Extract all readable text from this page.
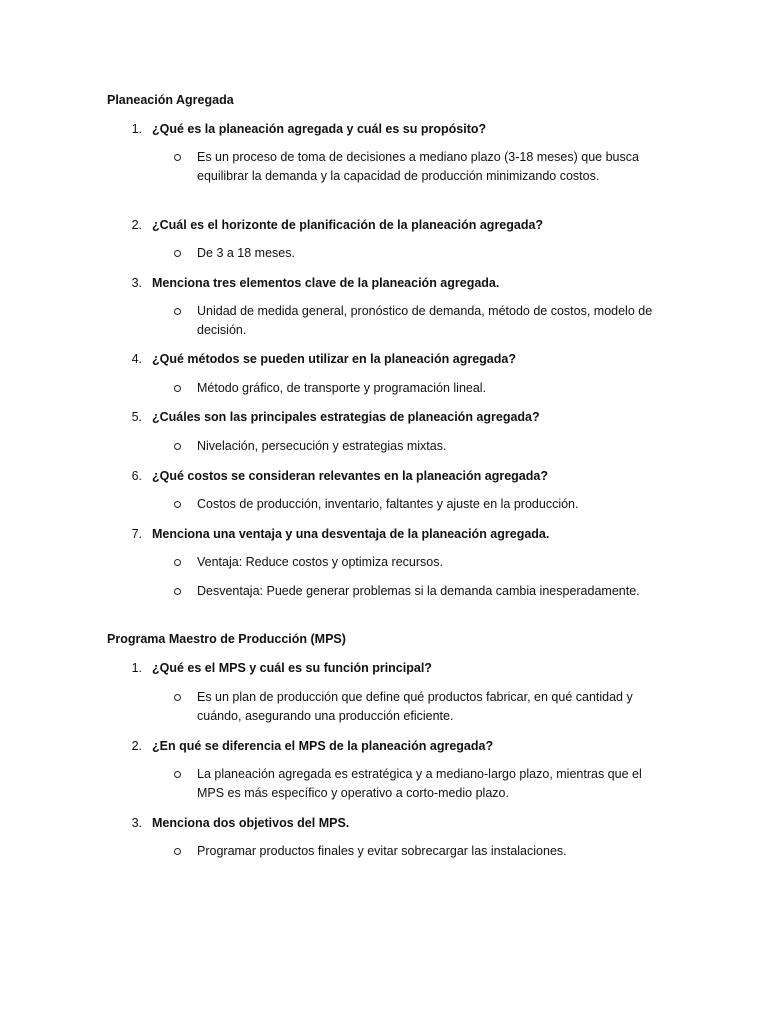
Planeación Agregada
1. ¿Qué es la planeación agregada y cuál es su propósito?
Es un proceso de toma de decisiones a mediano plazo (3-18 meses) que busca equilibrar la demanda y la capacidad de producción minimizando costos.
2. ¿Cuál es el horizonte de planificación de la planeación agregada?
De 3 a 18 meses.
3. Menciona tres elementos clave de la planeación agregada.
Unidad de medida general, pronóstico de demanda, método de costos, modelo de decisión.
4. ¿Qué métodos se pueden utilizar en la planeación agregada?
Método gráfico, de transporte y programación lineal.
5. ¿Cuáles son las principales estrategias de planeación agregada?
Nivelación, persecución y estrategias mixtas.
6. ¿Qué costos se consideran relevantes en la planeación agregada?
Costos de producción, inventario, faltantes y ajuste en la producción.
7. Menciona una ventaja y una desventaja de la planeación agregada.
Ventaja: Reduce costos y optimiza recursos.
Desventaja: Puede generar problemas si la demanda cambia inesperadamente.
Programa Maestro de Producción (MPS)
1. ¿Qué es el MPS y cuál es su función principal?
Es un plan de producción que define qué productos fabricar, en qué cantidad y cuándo, asegurando una producción eficiente.
2. ¿En qué se diferencia el MPS de la planeación agregada?
La planeación agregada es estratégica y a mediano-largo plazo, mientras que el MPS es más específico y operativo a corto-medio plazo.
3. Menciona dos objetivos del MPS.
Programar productos finales y evitar sobrecargar las instalaciones.
